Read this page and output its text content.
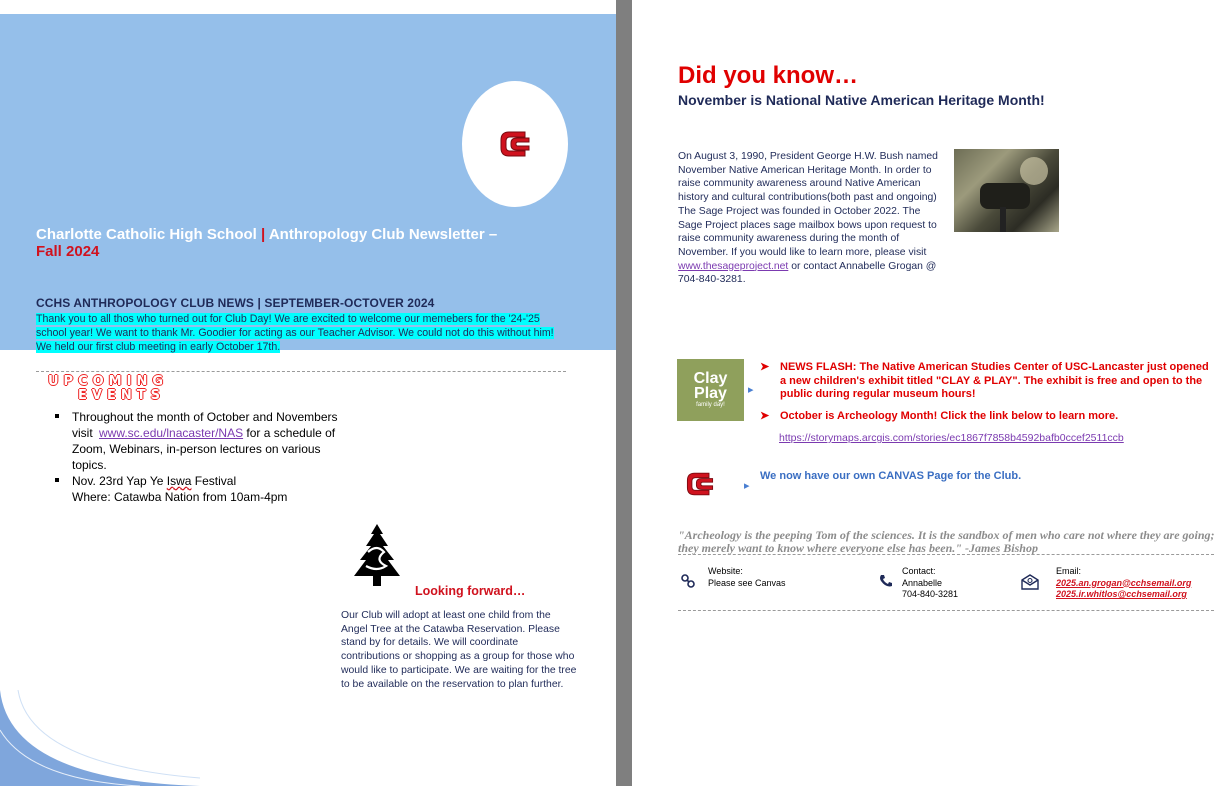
Charlotte Catholic High School | Anthropology Club Newsletter –
Fall 2024
CCHS ANTHROPOLOGY CLUB NEWS | SEPTEMBER-OCTOVER 2024
Thank you to all thos who turned out for Club Day! We are excited to welcome our memebers for the '24-'25 school year! We want to thank Mr. Goodier for acting as our Teacher Advisor. We could not do this without him! We held our first club meeting in early October 17th.
UPCOMING
EVENTS
Throughout the month of October and Novembers visit www.sc.edu/lnacaster/NAS for a schedule of Zoom, Webinars, in-person lectures on various topics.
Nov. 23rd Yap Ye Iswa Festival
Where: Catawba Nation from 10am-4pm
Looking forward…
Our Club will adopt at least one child from the Angel Tree at the Catawba Reservation. Please stand by for details. We will coordinate contributions or shopping as a group for those who would like to participate. We are waiting for the tree to be available on the reservation to plan further.
Did you know…
November is National Native American Heritage Month!
On August 3, 1990, President George H.W. Bush named November Native American Heritage Month. In order to raise community awareness around Native American history and cultural contributions(both past and ongoing) The Sage Project was founded in October 2022. The Sage Project places sage mailbox bows upon request to raise community awareness during the month of November. If you would like to learn more, please visit www.thesageproject.net or contact Annabelle Grogan @ 704-840-3281.
Clay
Play
family day!
▸
➤ NEWS FLASH: The Native American Studies Center of USC-Lancaster just opened a new children's exhibit titled "CLAY & PLAY". The exhibit is free and open to the public during regular museum hours!
➤ October is Archeology Month! Click the link below to learn more.
https://storymaps.arcgis.com/stories/ec1867f7858b4592bafb0ccef2511ccb
▸
We now have our own CANVAS Page for the Club.
"Archeology is the peeping Tom of the sciences. It is the sandbox of men who care not where they are going; they merely want to know where everyone else has been." -James Bishop
Website:
Please see Canvas
Contact:
Annabelle
704-840-3281
Email:
2025.an.grogan@cchsemail.org
2025.ir.whitlos@cchsemail.org
